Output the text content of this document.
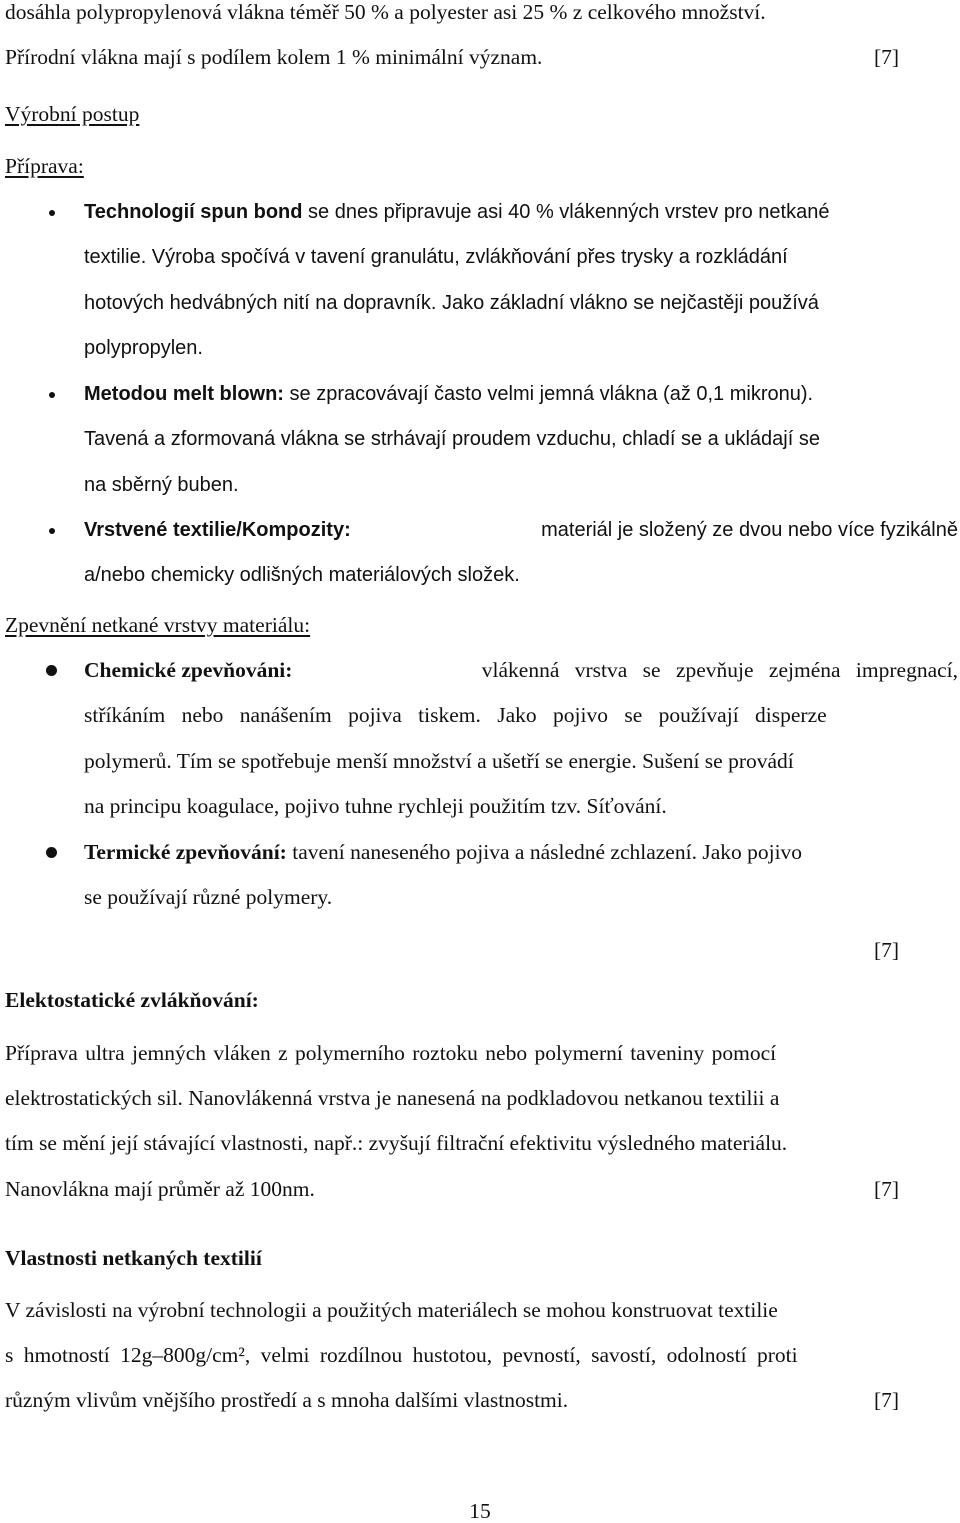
dosáhla polypropylenová vlákna téměř 50 % a polyester asi 25 % z celkového množství.
Přírodní vlákna mají s podílem kolem 1 % minimální význam.	[7]
Výrobní postup
Příprava:
Technologií spun bond se dnes připravuje asi 40 % vlákenných vrstev pro netkané
textilie. Výroba spočívá v tavení granulátu, zvlákňování přes trysky a rozkládání
hotových hedvábných nití na dopravník. Jako základní vlákno se nejčastěji používá
polypropylen.
Metodou melt blown: se zpracovávají často velmi jemná vlákna (až 0,1 mikronu).
Tavená a zformovaná vlákna se strhávají proudem vzduchu, chladí se a ukládají se
na sběrný buben.
Vrstvené textilie/Kompozity:	materiál je složený ze dvou nebo více fyzikálně
a/nebo chemicky odlišných materiálových složek.
Zpevnění netkané vrstvy materiálu:
Chemické zpevňováni:	vlákenná vrstva se zpevňuje zejména impregnací,
stříkáním nebo nanášením pojiva tiskem. Jako pojivo se používají disperze
polymerů. Tím se spotřebuje menší množství a ušetří se energie. Sušení se provádí
na principu koagulace, pojivo tuhne rychleji použitím tzv. Síťování.
Termické zpevňování: tavení naneseného pojiva a následné zchlazení. Jako pojivo
se používají různé polymery.
[7]
Elektostatické zvlákňování:
Příprava ultra jemných vláken z polymerního roztoku nebo polymerní taveniny pomocí
elektrostatických sil. Nanovlákenná vrstva je nanesená na podkladovou netkanou textilii a
tím se mění její stávající vlastnosti, např.: zvyšují filtrační efektivitu výsledného materiálu.
Nanovlákna mají průměr až 100nm.	[7]
Vlastnosti netkaných textilií
V závislosti na výrobní technologii a použitých materiálech se mohou konstruovat textilie
s hmotností 12g–800g/cm², velmi rozdílnou hustotou, pevností, savostí, odolností proti
různým vlivům vnějšího prostředí a s mnoha dalšími vlastnostmi.	[7]
15
